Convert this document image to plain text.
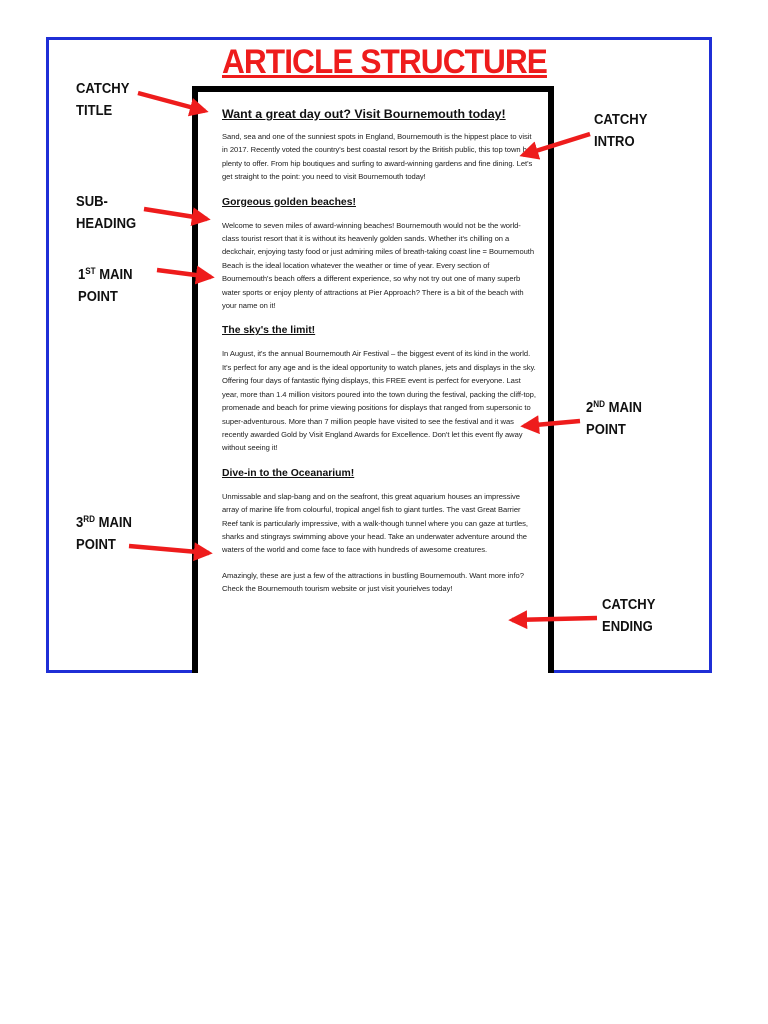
ARTICLE STRUCTURE
Want a great day out? Visit Bournemouth today!

Sand, sea and one of the sunniest spots in England, Bournemouth is the hippest place to visit in 2017. Recently voted the country's best coastal resort by the British public, this top town has plenty to offer. From hip boutiques and surfing to award-winning gardens and fine dining. Let's get straight to the point: you need to visit Bournemouth today!

Gorgeous golden beaches!

Welcome to seven miles of award-winning beaches! Bournemouth would not be the world-class tourist resort that it is without its heavenly golden sands. Whether it's chilling on a deckchair, enjoying tasty food or just admiring miles of breath-taking coast line = Bournemouth Beach is the ideal location whatever the weather or time of year. Every section of Bournemouth's beach offers a different experience, so why not try out one of many superb water sports or enjoy plenty of attractions at Pier Approach? There is a bit of the beach with your name on it!

The sky's the limit!

In August, it's the annual Bournemouth Air Festival – the biggest event of its kind in the world. It's perfect for any age and is the ideal opportunity to watch planes, jets and displays in the sky. Offering four days of fantastic flying displays, this FREE event is perfect for everyone. Last year, more than 1.4 million visitors poured into the town during the festival, packing the cliff-top, promenade and beach for prime viewing positions for displays that ranged from supersonic to super-adventurous. More than 7 million people have visited to see the festival and it was recently awarded Gold by Visit England Awards for Excellence. Don't let this event fly away without seeing it!

Dive-in to the Oceanarium!

Unmissable and slap-bang and on the seafront, this great aquarium houses an impressive array of marine life from colourful, tropical angel fish to giant turtles. The vast Great Barrier Reef tank is particularly impressive, with a walk-though tunnel where you can gaze at turtles, sharks and stingrays swimming above your head. Take an underwater adventure around the waters of the world and come face to face with hundreds of awesome creatures.

Amazingly, these are just a few of the attractions in bustling Bournemouth. Want more info? Check the Bournemouth tourism website or just visit yourielves today!

CATCHY
TITLE
SUB-
HEADING
1ST MAIN
POINT
3RD MAIN
POINT
CATCHY
INTRO
2ND MAIN
POINT
CATCHY
ENDING
